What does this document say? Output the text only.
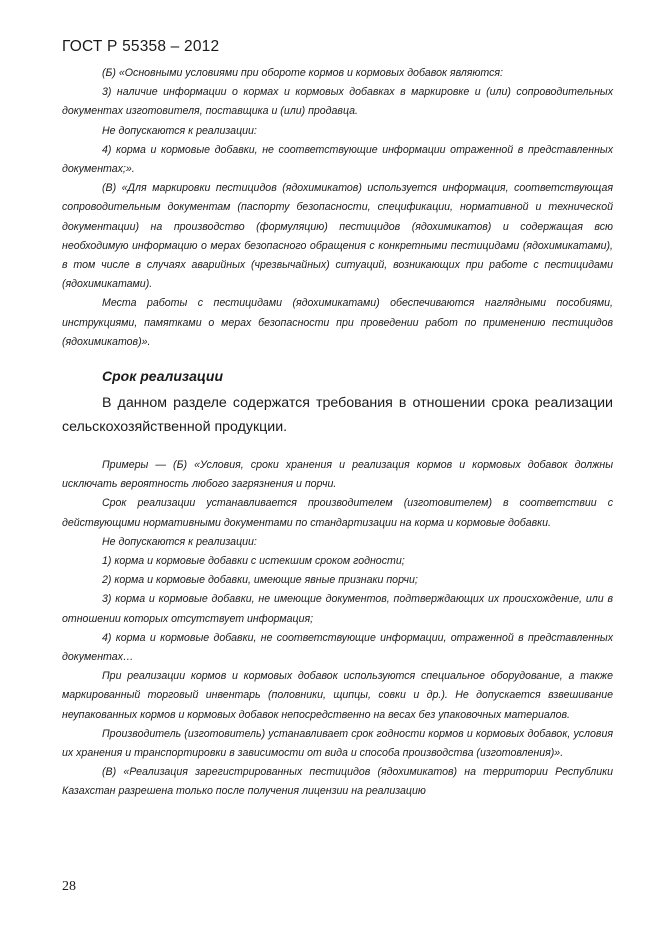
ГОСТ Р 55358 – 2012

(Б) «Основными условиями при обороте кормов и кормовых добавок являются:

3) наличие информации о кормах и кормовых добавках в маркировке и (или) сопроводительных документах изготовителя, поставщика и (или) продавца.

Не допускаются к реализации:

4) корма и кормовые добавки, не соответствующие информации отраженной в представленных документах;».

(В) «Для маркировки пестицидов (ядохимикатов) используется информация, соответствующая сопроводительным документам (паспорту безопасности, спецификации, нормативной и технической документации) на производство (формуляцию) пестицидов (ядохимикатов) и содержащая всю необходимую информацию о мерах безопасного обращения с конкретными пестицидами (ядохимикатами), в том числе в случаях аварийных (чрезвычайных) ситуаций, возникающих при работе с пестицидами (ядохимикатами).

Места работы с пестицидами (ядохимикатами) обеспечиваются наглядными пособиями, инструкциями, памятками о мерах безопасности при проведении работ по применению пестицидов (ядохимикатов)».

Срок реализации

В данном разделе содержатся требования в отношении срока реализации сельскохозяйственной продукции.

Примеры — (Б) «Условия, сроки хранения и реализация кормов и кормовых добавок должны исключать вероятность любого загрязнения и порчи.

Срок реализации устанавливается производителем (изготовителем) в соответствии с действующими нормативными документами по стандартизации на корма и кормовые добавки.

Не допускаются к реализации:

1) корма и кормовые добавки с истекшим сроком годности;

2) корма и кормовые добавки, имеющие явные признаки порчи;

3) корма и кормовые добавки, не имеющие документов, подтверждающих их происхождение, или в отношении которых отсутствует информация;

4) корма и кормовые добавки, не соответствующие информации, отраженной в представленных документах…

При реализации кормов и кормовых добавок используются специальное оборудование, а также маркированный торговый инвентарь (половники, щипцы, совки и др.). Не допускается взвешивание неупакованных кормов и кормовых добавок непосредственно на весах без упаковочных материалов.

Производитель (изготовитель) устанавливает срок годности кормов и кормовых добавок, условия их хранения и транспортировки в зависимости от вида и способа производства (изготовления)».

(В) «Реализация зарегистрированных пестицидов (ядохимикатов) на территории Республики Казахстан разрешена только после получения лицензии на реализацию

28
